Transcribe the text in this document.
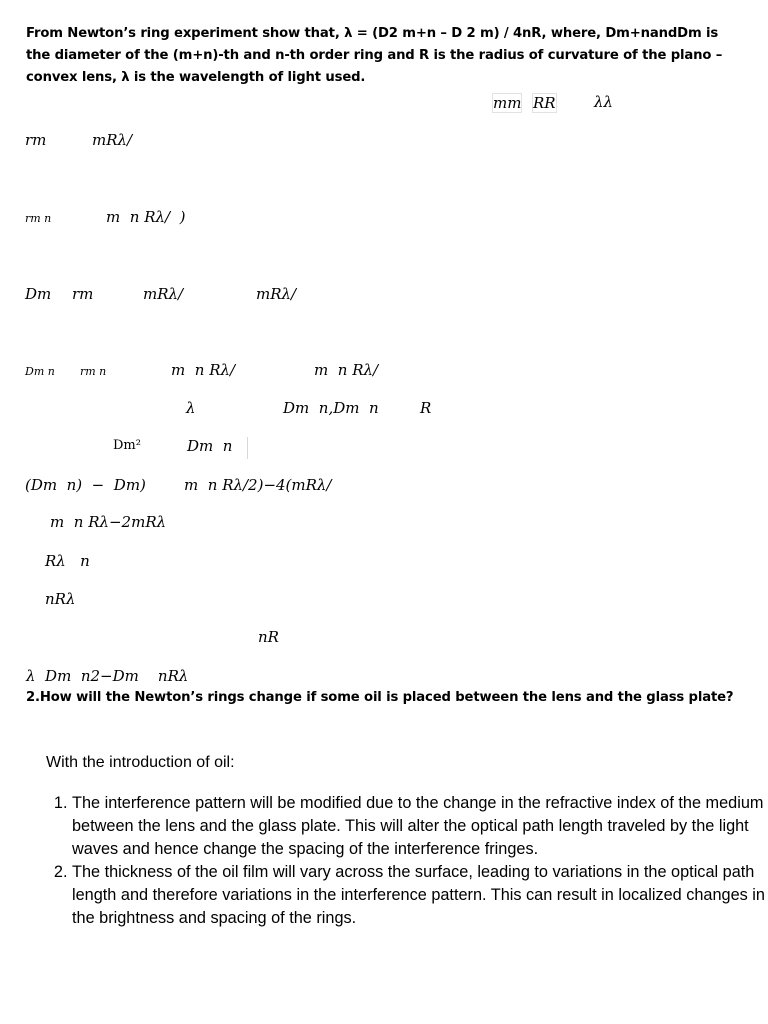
From Newton’s ring experiment show that, λ = (D2 m+n – D 2 m) / 4nR, where, Dm+nandDm is the diameter of the (m+n)-th and n-th order ring and R is the radius of curvature of the plano – convex lens, λ is the wavelength of light used.
mm RR	λλ
rm	mRλ/
rm n	m  n Rλ/  )
Dm rm	mRλ/	mRλ/
Dm n rm n	m  n Rλ/	m  n Rλ/
λ	Dm  n,Dm  n	R
Dm²	Dm  n
(Dm  n)  −  Dm)	m  n Rλ/2)−4(mRλ/
m  n Rλ−2mRλ
Rλ   n
nRλ
nR
λ  Dm  n2−Dm    nRλ
2.How will the Newton’s rings change if some oil is placed between the lens and the glass plate?
With the introduction of oil:
1. The interference pattern will be modified due to the change in the refractive index of the medium between the lens and the glass plate. This will alter the optical path length traveled by the light waves and hence change the spacing of the interference fringes.
2. The thickness of the oil film will vary across the surface, leading to variations in the optical path length and therefore variations in the interference pattern. This can result in localized changes in the brightness and spacing of the rings.
